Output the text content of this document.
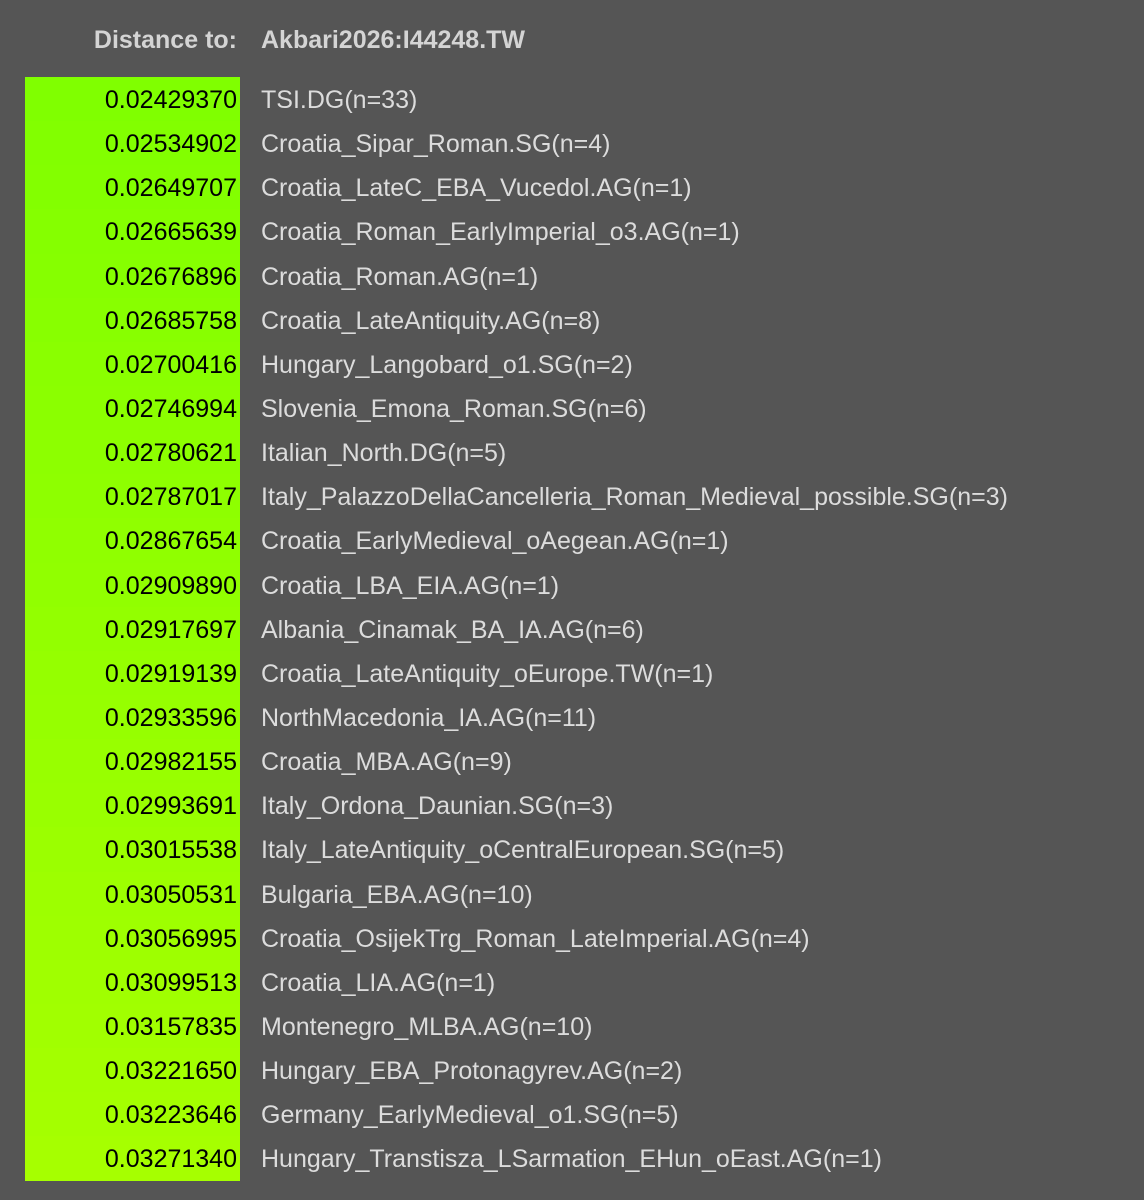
Distance to: Akbari2026:I44248.TW
0.02429370 TSI.DG(n=33)
0.02534902 Croatia_Sipar_Roman.SG(n=4)
0.02649707 Croatia_LateC_EBA_Vucedol.AG(n=1)
0.02665639 Croatia_Roman_EarlyImperial_o3.AG(n=1)
0.02676896 Croatia_Roman.AG(n=1)
0.02685758 Croatia_LateAntiquity.AG(n=8)
0.02700416 Hungary_Langobard_o1.SG(n=2)
0.02746994 Slovenia_Emona_Roman.SG(n=6)
0.02780621 Italian_North.DG(n=5)
0.02787017 Italy_PalazzoDellaCancelleria_Roman_Medieval_possible.SG(n=3)
0.02867654 Croatia_EarlyMedieval_oAegean.AG(n=1)
0.02909890 Croatia_LBA_EIA.AG(n=1)
0.02917697 Albania_Cinamak_BA_IA.AG(n=6)
0.02919139 Croatia_LateAntiquity_oEurope.TW(n=1)
0.02933596 NorthMacedonia_IA.AG(n=11)
0.02982155 Croatia_MBA.AG(n=9)
0.02993691 Italy_Ordona_Daunian.SG(n=3)
0.03015538 Italy_LateAntiquity_oCentralEuropean.SG(n=5)
0.03050531 Bulgaria_EBA.AG(n=10)
0.03056995 Croatia_OsijekTrg_Roman_LateImperial.AG(n=4)
0.03099513 Croatia_LIA.AG(n=1)
0.03157835 Montenegro_MLBA.AG(n=10)
0.03221650 Hungary_EBA_Protonagyrev.AG(n=2)
0.03223646 Germany_EarlyMedieval_o1.SG(n=5)
0.03271340 Hungary_Transtisza_LSarmation_EHun_oEast.AG(n=1)
